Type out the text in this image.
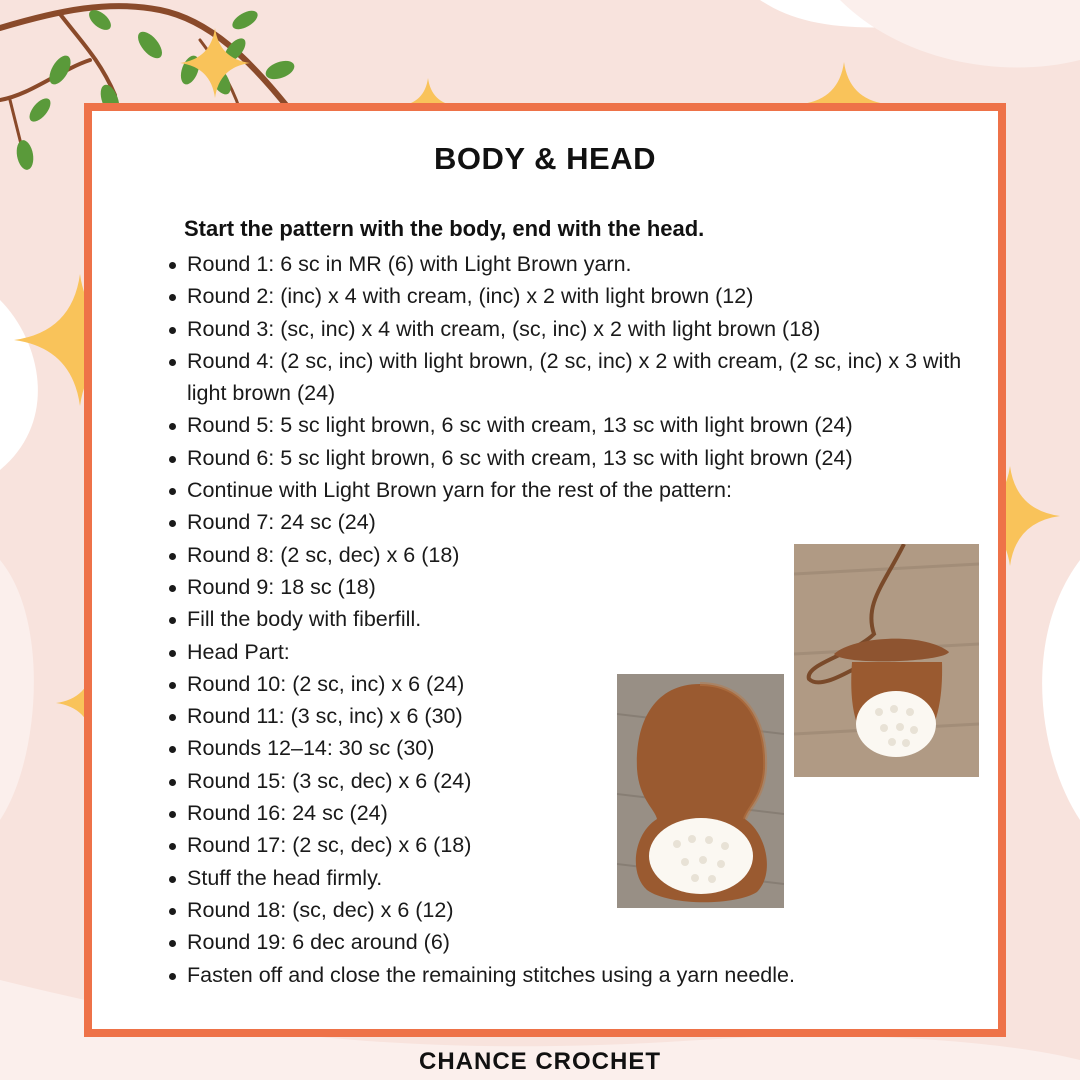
BODY & HEAD
Start the pattern with the body, end with the head.
Round 1: 6 sc in MR (6) with Light Brown yarn.
Round 2: (inc) x 4 with cream, (inc) x 2 with light brown (12)
Round 3: (sc, inc) x 4 with cream, (sc, inc) x 2 with light brown (18)
Round 4: (2 sc, inc) with light brown, (2 sc, inc) x 2 with cream, (2 sc, inc) x 3 with light brown (24)
Round 5: 5 sc light brown, 6 sc with cream, 13 sc with light brown (24)
Round 6: 5 sc light brown, 6 sc with cream, 13 sc with light brown (24)
Continue with Light Brown yarn for the rest of the pattern:
Round 7: 24 sc (24)
Round 8: (2 sc, dec) x 6 (18)
Round 9: 18 sc (18)
Fill the body with fiberfill.
Head Part:
Round 10: (2 sc, inc) x 6 (24)
Round 11: (3 sc, inc) x 6 (30)
Rounds 12–14: 30 sc (30)
Round 15: (3 sc, dec) x 6 (24)
Round 16: 24 sc (24)
Round 17: (2 sc, dec) x 6 (18)
Stuff the head firmly.
Round 18: (sc, dec) x 6 (12)
Round 19: 6 dec around (6)
Fasten off and close the remaining stitches using a yarn needle.
CHANCE CROCHET
